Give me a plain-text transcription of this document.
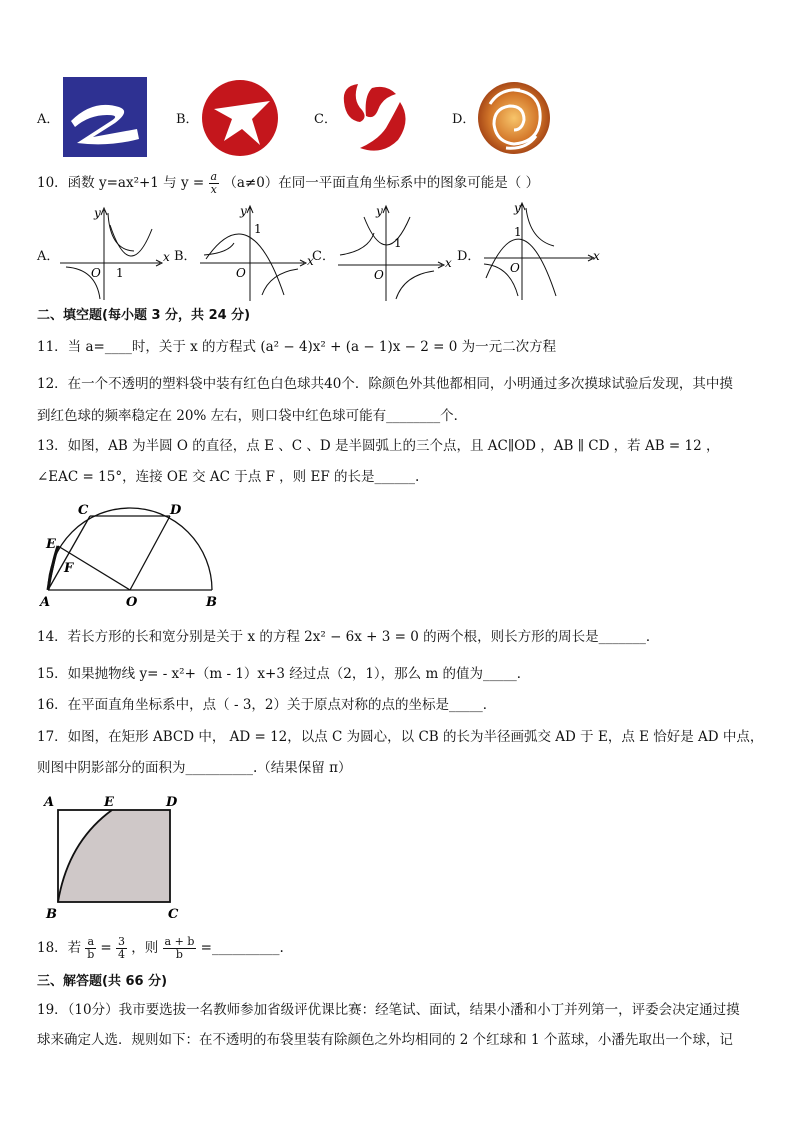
A．	B．	C．	D．
10．函数 y=ax²+1 与 $y = \frac{a}{x} (a\ne 0)$在同一平面直角坐标系中的图象可能是（ ）
A．	B．	C．	D．
x
y
O 1
x
y
O
1
x
y
O
1
x
y
O
1
二、填空题(每小题 3 分，共 24 分)
11．当 a=____时，关于 x 的方程式 (a² − 4)x² + (a − 1)x − 2 = 0 为一元二次方程
12．在一个不透明的塑料袋中装有红色白色球共40个．除颜色外其他都相同，小明通过多次摸球试验后发现，其中摸
到红色球的频率稳定在 20% 左右，则口袋中红色球可能有________个．
13．如图，AB 为半圆 O 的直径，点 E 、C 、D 是半圆弧上的三个点，且 AC∥OD ，AB ∥ CD ，若 AB = 12 ，
∠EAC = 15°，连接 OE 交 AC 于点 F ，则 EF 的长是______.
A	O	B
C	D
E
F
14．若长方形的长和宽分别是关于 x 的方程 2x² − 6x + 3 = 0 的两个根，则长方形的周长是_______．
15．如果抛物线 y= - x²+（m - 1）x+3 经过点（2，1），那么 m 的值为_____．
16．在平面直角坐标系中，点（ - 3，2）关于原点对称的点的坐标是_____．
17．如图，在矩形 ABCD 中， AD = 12，以点 C 为圆心，以 CB 的长为半径画弧交 AD 于 E，点 E 恰好是 AD 中点，
则图中阴影部分的面积为__________.（结果保留 π）
A	E	D
B	C
18．若 $\frac{a}{b} = \frac{3}{4}$ ，则 $\frac{a + b}{b}$ =__________.
三、解答题(共 66 分)
19．（10分）我市要选拔一名教师参加省级评优课比赛：经笔试、面试，结果小潘和小丁并列第一，评委会决定通过摸
球来确定人选．规则如下：在不透明的布袋里装有除颜色之外均相同的 2 个红球和 1 个蓝球，小潘先取出一个球，记
